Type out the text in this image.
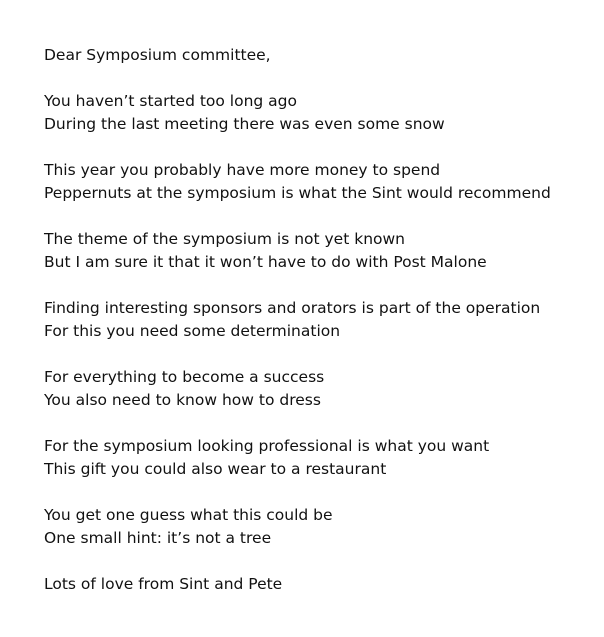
Dear Symposium committee,
You haven’t started too long ago
During the last meeting there was even some snow
This year you probably have more money to spend
Peppernuts at the symposium is what the Sint would recommend
The theme of the symposium is not yet known
But I am sure it that it won’t have to do with Post Malone
Finding interesting sponsors and orators is part of the operation
For this you need some determination
For everything to become a success
You also need to know how to dress
For the symposium looking professional is what you want
This gift you could also wear to a restaurant
You get one guess what this could be
One small hint: it’s not a tree
Lots of love from Sint and Pete
